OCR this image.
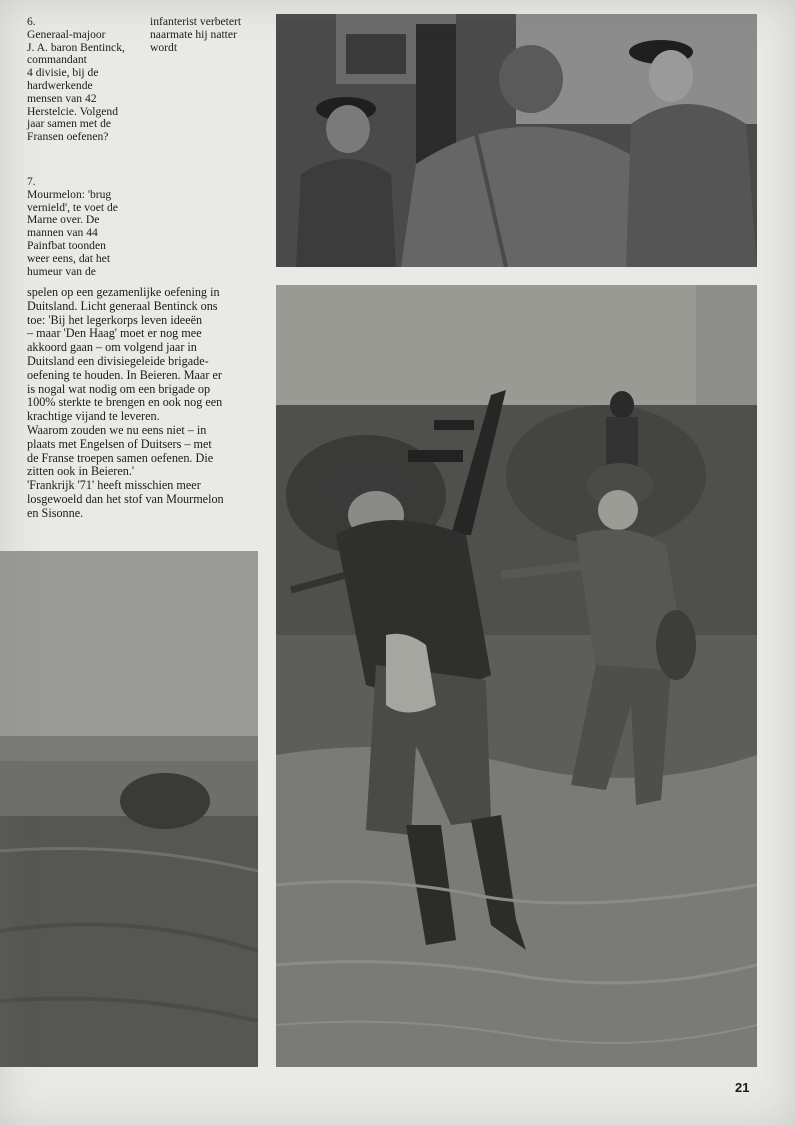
6.
Generaal-majoor
J. A. baron Bentinck,
commandant
4 divisie, bij de
hardwerkende
mensen van 42
Herstelcie. Volgend
jaar samen met de
Fransen oefenen?
7.
Mourmelon: 'brug
vernield', te voet de
Marne over. De
mannen van 44
Painfbat toonden
weer eens, dat het
humeur van de
infanterist verbetert
naarmate hij natter
wordt
spelen op een gezamenlijke oefening in
Duitsland. Licht generaal Bentinck ons
toe: 'Bij het legerkorps leven ideeën
– maar 'Den Haag' moet er nog mee
akkoord gaan – om volgend jaar in
Duitsland een divisiegeleide brigade-
oefening te houden. In Beieren. Maar er
is nogal wat nodig om een brigade op
100% sterkte te brengen en ook nog een
krachtige vijand te leveren.
Waarom zouden we nu eens niet – in
plaats met Engelsen of Duitsers – met
de Franse troepen samen oefenen. Die
zitten ook in Beieren.'
'Frankrijk '71' heeft misschien meer
losgewoeld dan het stof van Mourmelon
en Sisonne.
21
